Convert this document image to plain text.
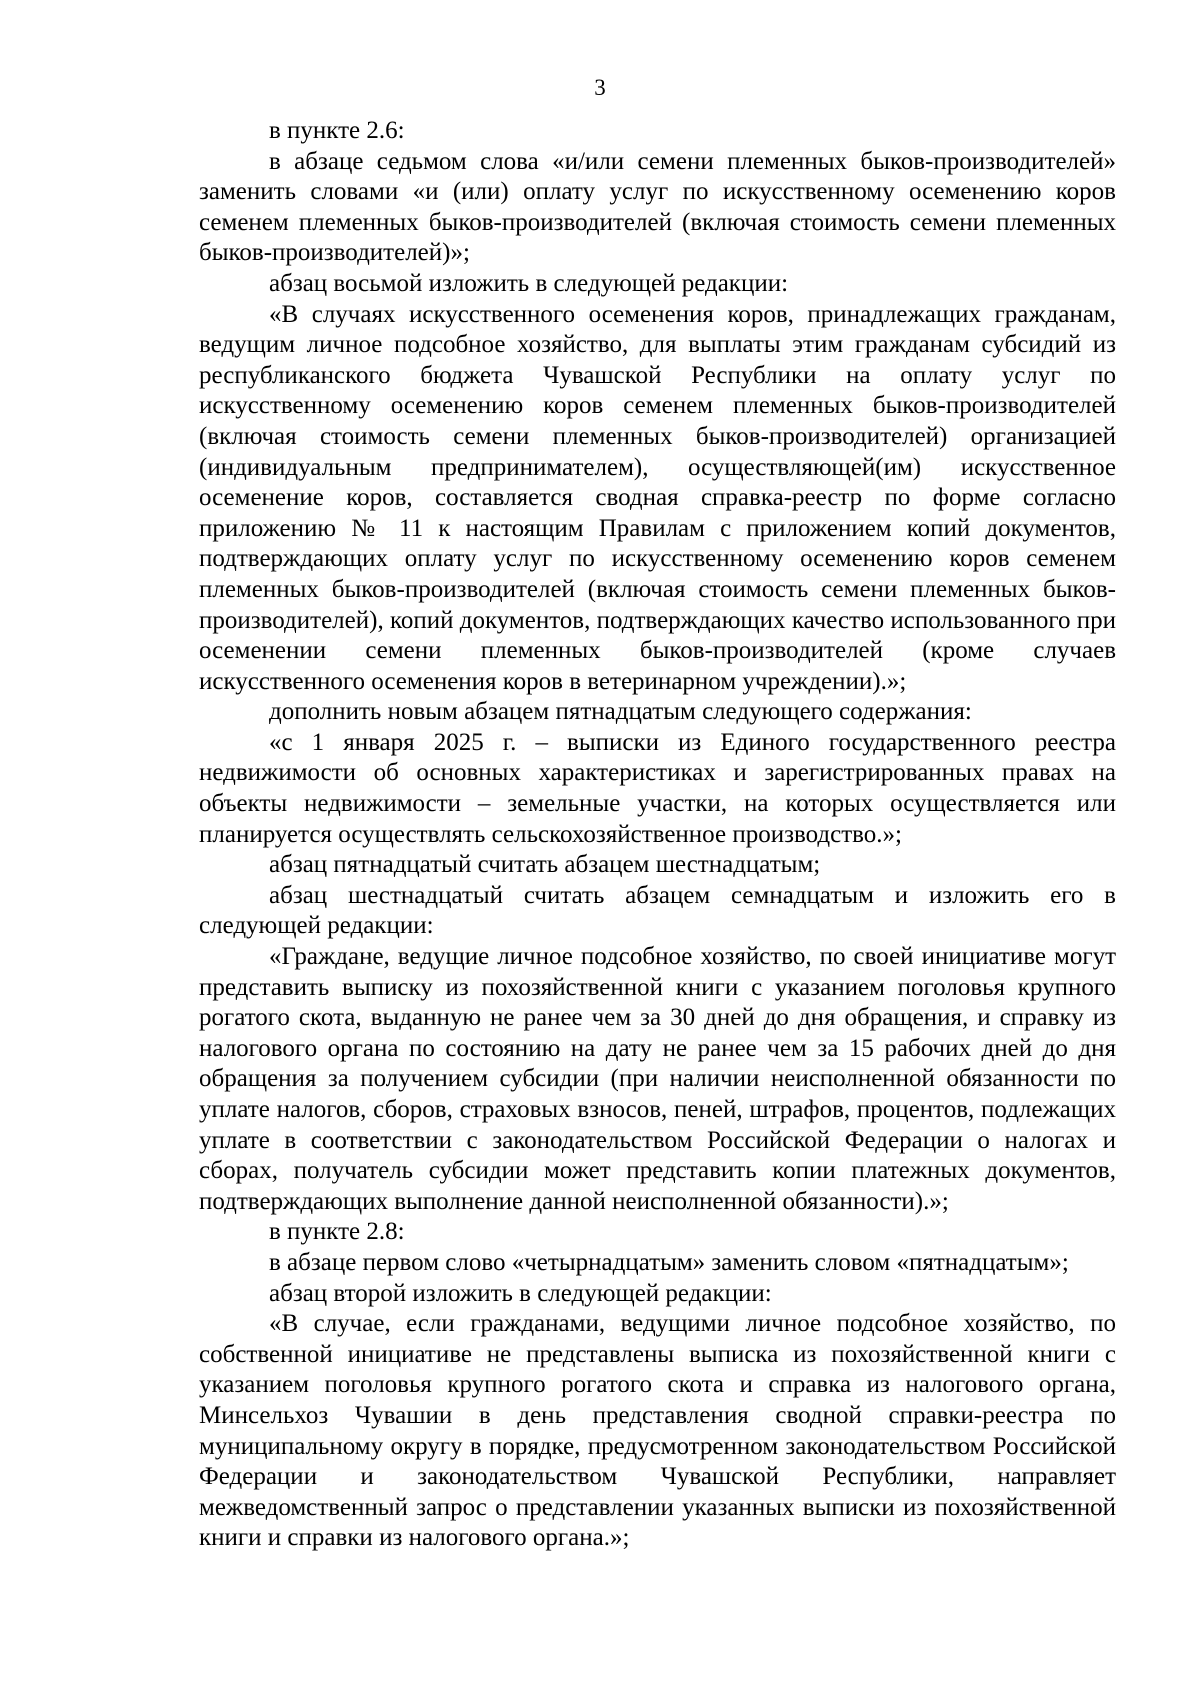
3

в пункте 2.6:

в абзаце седьмом слова «и/или семени племенных быков-производителей» заменить словами «и (или) оплату услуг по искусственному осеменению коров семенем племенных быков-производителей (включая стоимость семени племенных быков-производителей)»;

абзац восьмой изложить в следующей редакции:

«В случаях искусственного осеменения коров, принадлежащих гражданам, ведущим личное подсобное хозяйство, для выплаты этим гражданам субсидий из республиканского бюджета Чувашской Республики на оплату услуг по искусственному осеменению коров семенем племенных быков-производителей (включая стоимость семени племенных быков-производителей) организацией (индивидуальным предпринимателем), осуществляющей(им) искусственное осеменение коров, составляется сводная справка-реестр по форме согласно приложению № 11 к настоящим Правилам с приложением копий документов, подтверждающих оплату услуг по искусственному осеменению коров семенем племенных быков-производителей (включая стоимость семени племенных быков-производителей), копий документов, подтверждающих качество использованного при осеменении семени племенных быков-производителей (кроме случаев искусственного осеменения коров в ветеринарном учреждении).»;

дополнить новым абзацем пятнадцатым следующего содержания:

«с 1 января 2025 г. – выписки из Единого государственного реестра недвижимости об основных характеристиках и зарегистрированных правах на объекты недвижимости – земельные участки, на которых осуществляется или планируется осуществлять сельскохозяйственное производство.»;

абзац пятнадцатый считать абзацем шестнадцатым;

абзац шестнадцатый считать абзацем семнадцатым и изложить его в следующей редакции:

«Граждане, ведущие личное подсобное хозяйство, по своей инициативе могут представить выписку из похозяйственной книги с указанием поголовья крупного рогатого скота, выданную не ранее чем за 30 дней до дня обращения, и справку из налогового органа по состоянию на дату не ранее чем за 15 рабочих дней до дня обращения за получением субсидии (при наличии неисполненной обязанности по уплате налогов, сборов, страховых взносов, пеней, штрафов, процентов, подлежащих уплате в соответствии с законодательством Российской Федерации о налогах и сборах, получатель субсидии может представить копии платежных документов, подтверждающих выполнение данной неисполненной обязанности).»;

в пункте 2.8:

в абзаце первом слово «четырнадцатым» заменить словом «пятнадцатым»;

абзац второй изложить в следующей редакции:

«В случае, если гражданами, ведущими личное подсобное хозяйство, по собственной инициативе не представлены выписка из похозяйственной книги с указанием поголовья крупного рогатого скота и справка из налогового органа, Минсельхоз Чувашии в день представления сводной справки-реестра по муниципальному округу в порядке, предусмотренном законодательством Российской Федерации и законодательством Чувашской Республики, направляет межведомственный запрос о представлении указанных выписки из похозяйственной книги и справки из налогового органа.»;
